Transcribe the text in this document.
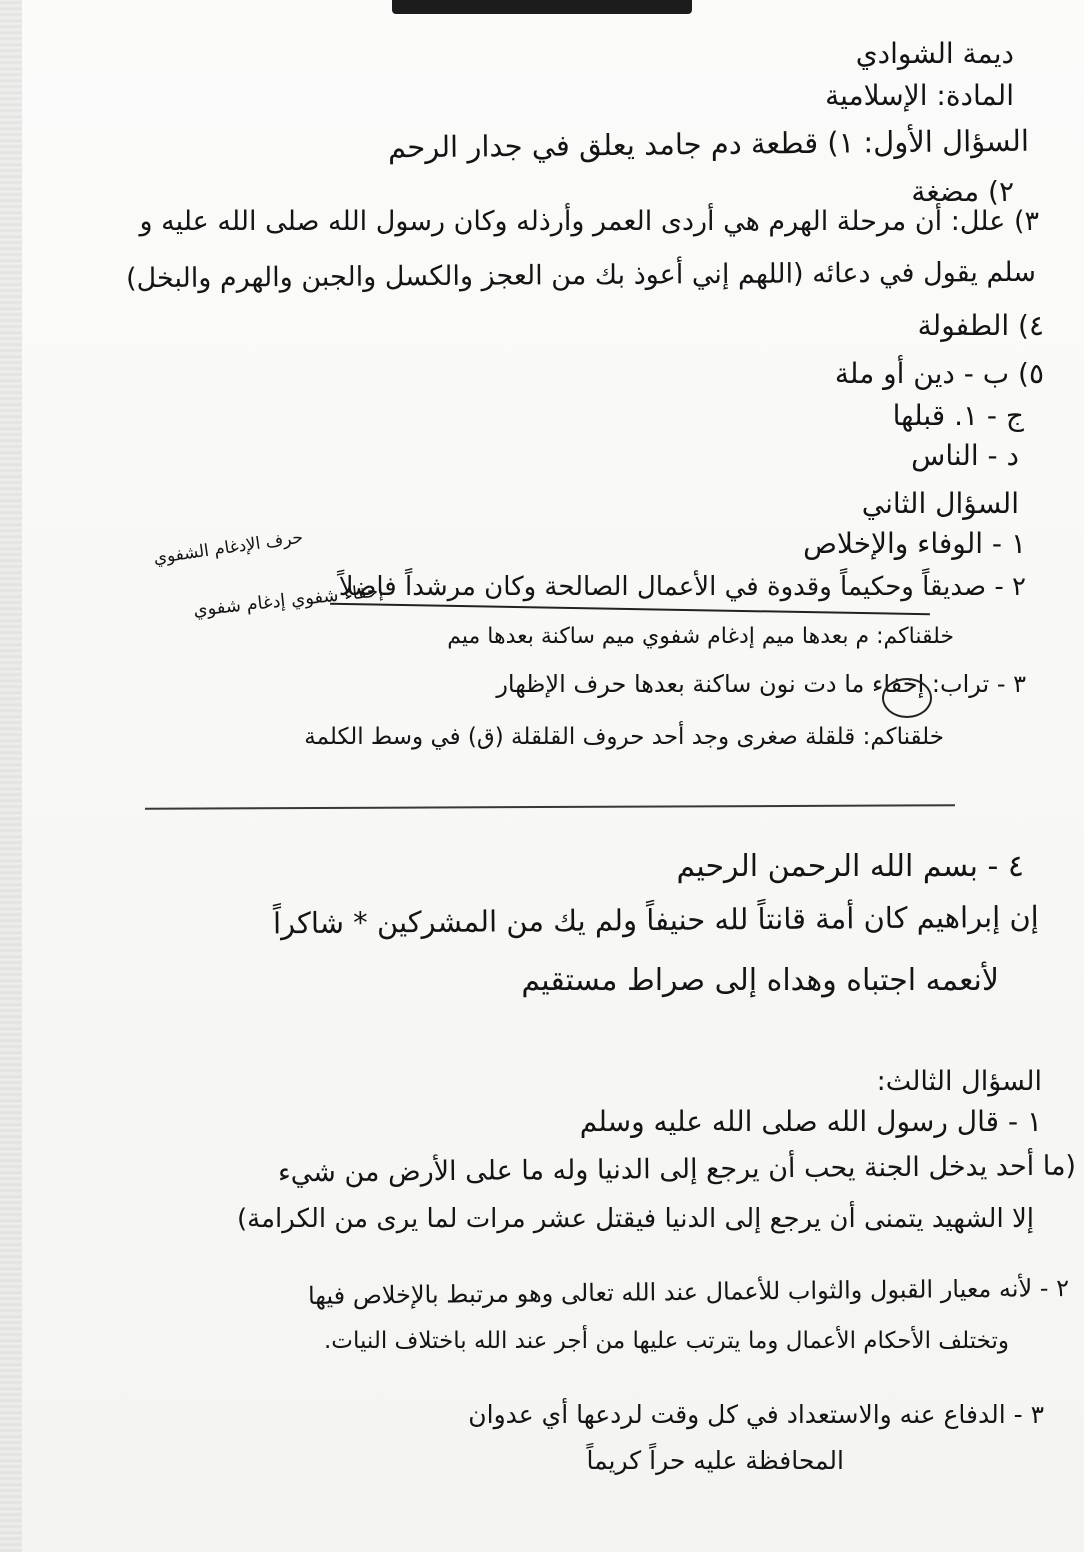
ديمة الشوادي
المادة: الإسلامية
السؤال الأول: ١) قطعة دم جامد يعلق في جدار الرحم
٢) مضغة
٣) علل: أن مرحلة الهرم هي أردى العمر وأرذله وكان رسول الله صلى الله عليه و
سلم يقول في دعائه (اللهم إني أعوذ بك من العجز والكسل والجبن والهرم والبخل)
٤) الطفولة
٥) ب - دين أو ملة
ج - ١. قبلها
د - الناس
السؤال الثاني
١ - الوفاء والإخلاص
حرف الإدغام الشفوي
٢ - صديقاً وحكيماً وقدوة في الأعمال الصالحة وكان مرشداً فاضلاً
إخفاء شفوي إدغام شفوي
خلقناكم: م بعدها ميم إدغام شفوي ميم ساكنة بعدها ميم
٣ - تراب: إخفاء ما دت نون ساكنة بعدها حرف الإظهار
خلقناكم: قلقلة صغرى وجد أحد حروف القلقلة (ق) في وسط الكلمة
٤ - بسم الله الرحمن الرحيم
إن إبراهيم كان أمة قانتاً لله حنيفاً ولم يك من المشركين * شاكراً
لأنعمه اجتباه وهداه إلى صراط مستقيم
السؤال الثالث:
١ - قال رسول الله صلى الله عليه وسلم
(ما أحد يدخل الجنة يحب أن يرجع إلى الدنيا وله ما على الأرض من شيء
إلا الشهيد يتمنى أن يرجع إلى الدنيا فيقتل عشر مرات لما يرى من الكرامة)
٢ - لأنه معيار القبول والثواب للأعمال عند الله تعالى وهو مرتبط بالإخلاص فيها
وتختلف الأحكام الأعمال وما يترتب عليها من أجر عند الله باختلاف النيات.
٣ - الدفاع عنه والاستعداد في كل وقت لردعها أي عدوان
المحافظة عليه حراً كريماً
